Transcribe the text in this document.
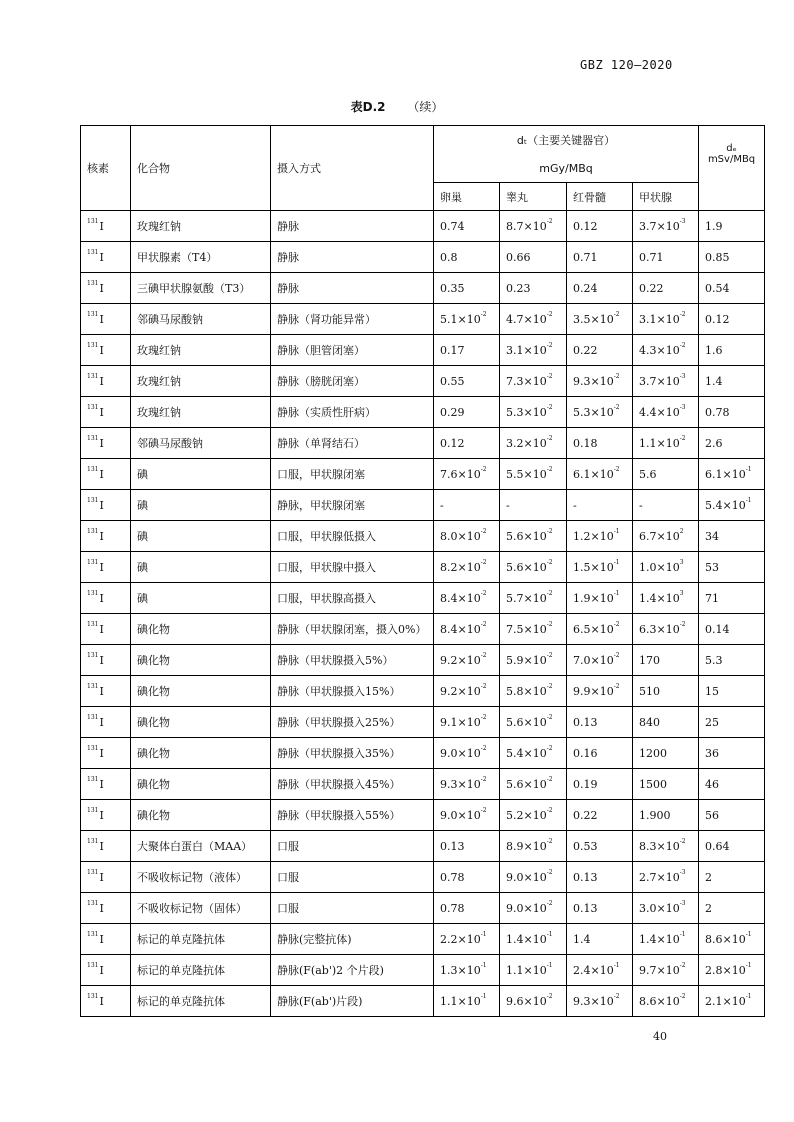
GBZ 120—2020
表D.2 （续）
核素	化合物	摄入方式	dₜ（主要关键器官）				dₑ
mSv/MBq

			mGy/MBq				
			卵巢	睾丸	红骨髓	甲状腺	
$^{131}$I	玫瑰红钠	静脉	0.74	$8.7\times 10^{-2}$	0.12	$3.7\times 10^{-3}$	1.9
$^{131}$I	甲状腺素（T4）	静脉	0.8	0.66	0.71	0.71	0.85
$^{131}$I	三碘甲状腺氨酸（T3）	静脉	0.35	0.23	0.24	0.22	0.54
$^{131}$I	邻碘马尿酸钠	静脉（肾功能异常）	$5.1\times 10^{-2}$	$4.7\times 10^{-2}$	$3.5\times 10^{-2}$	$3.1\times 10^{-2}$	0.12
$^{131}$I	玫瑰红钠	静脉（胆管闭塞）	0.17	$3.1\times 10^{-2}$	0.22	$4.3\times 10^{-2}$	1.6
$^{131}$I	玫瑰红钠	静脉（膀胱闭塞）	0.55	$7.3\times 10^{-2}$	$9.3\times 10^{-2}$	$3.7\times 10^{-3}$	1.4
$^{131}$I	玫瑰红钠	静脉（实质性肝病）	0.29	$5.3\times 10^{-2}$	$5.3\times 10^{-2}$	$4.4\times 10^{-3}$	0.78
$^{131}$I	邻碘马尿酸钠	静脉（单肾结石）	0.12	$3.2\times 10^{-2}$	0.18	$1.1\times 10^{-2}$	2.6
$^{131}$I	碘	口服，甲状腺闭塞	$7.6\times 10^{-2}$	$5.5\times 10^{-2}$	$6.1\times 10^{-2}$	5.6	$6.1\times 10^{-1}$
$^{131}$I	碘	静脉，甲状腺闭塞	-	-	-	-	$5.4\times 10^{-1}$
$^{131}$I	碘	口服，甲状腺低摄入	$8.0\times 10^{-2}$	$5.6\times 10^{-2}$	$1.2\times 10^{-1}$	$6.7\times 10^2$	34
$^{131}$I	碘	口服，甲状腺中摄入	$8.2\times 10^{-2}$	$5.6\times 10^{-2}$	$1.5\times 10^{-1}$	$1.0\times 10^3$	53
$^{131}$I	碘	口服，甲状腺高摄入	$8.4\times 10^{-2}$	$5.7\times 10^{-2}$	$1.9\times 10^{-1}$	$1.4\times 10^3$	71
$^{131}$I	碘化物	静脉（甲状腺闭塞，摄入0%）	$8.4\times 10^{-2}$	$7.5\times 10^{-2}$	$6.5\times 10^{-2}$	$6.3\times 10^{-2}$	0.14
$^{131}$I	碘化物	静脉（甲状腺摄入5%）	$9.2\times 10^{-2}$	$5.9\times 10^{-2}$	$7.0\times 10^{-2}$	170	5.3
$^{131}$I	碘化物	静脉（甲状腺摄入15%）	$9.2\times 10^{-2}$	$5.8\times 10^{-2}$	$9.9\times 10^{-2}$	510	15
$^{131}$I	碘化物	静脉（甲状腺摄入25%）	$9.1\times 10^{-2}$	$5.6\times 10^{-2}$	0.13	840	25
$^{131}$I	碘化物	静脉（甲状腺摄入35%）	$9.0\times 10^{-2}$	$5.4\times 10^{-2}$	0.16	1200	36
$^{131}$I	碘化物	静脉（甲状腺摄入45%）	$9.3\times 10^{-2}$	$5.6\times 10^{-2}$	0.19	1500	46
$^{131}$I	碘化物	静脉（甲状腺摄入55%）	$9.0\times 10^{-2}$	$5.2\times 10^{-2}$	0.22	1.900	56
$^{131}$I	大聚体白蛋白（MAA）	口服	0.13	$8.9\times 10^{-2}$	0.53	$8.3\times 10^{-2}$	0.64
$^{131}$I	不吸收标记物（液体）	口服	0.78	$9.0\times 10^{-2}$	0.13	$2.7\times 10^{-3}$	2
$^{131}$I	不吸收标记物（固体）	口服	0.78	$9.0\times 10^{-2}$	0.13	$3.0\times 10^{-3}$	2
$^{131}$I	标记的单克隆抗体	静脉(完整抗体)	$2.2\times 10^{-1}$	$1.4\times 10^{-1}$	1.4	$1.4\times 10^{-1}$	$8.6\times 10^{-1}$
$^{131}$I	标记的单克隆抗体	静脉(F(ab')2 个片段)	$1.3\times 10^{-1}$	$1.1\times 10^{-1}$	$2.4\times 10^{-1}$	$9.7\times 10^{-2}$	$2.8\times 10^{-1}$
$^{131}$I	标记的单克隆抗体	静脉(F(ab')片段)	$1.1\times 10^{-1}$	$9.6\times 10^{-2}$	$9.3\times 10^{-2}$	$8.6\times 10^{-2}$	$2.1\times 10^{-1}$
40
